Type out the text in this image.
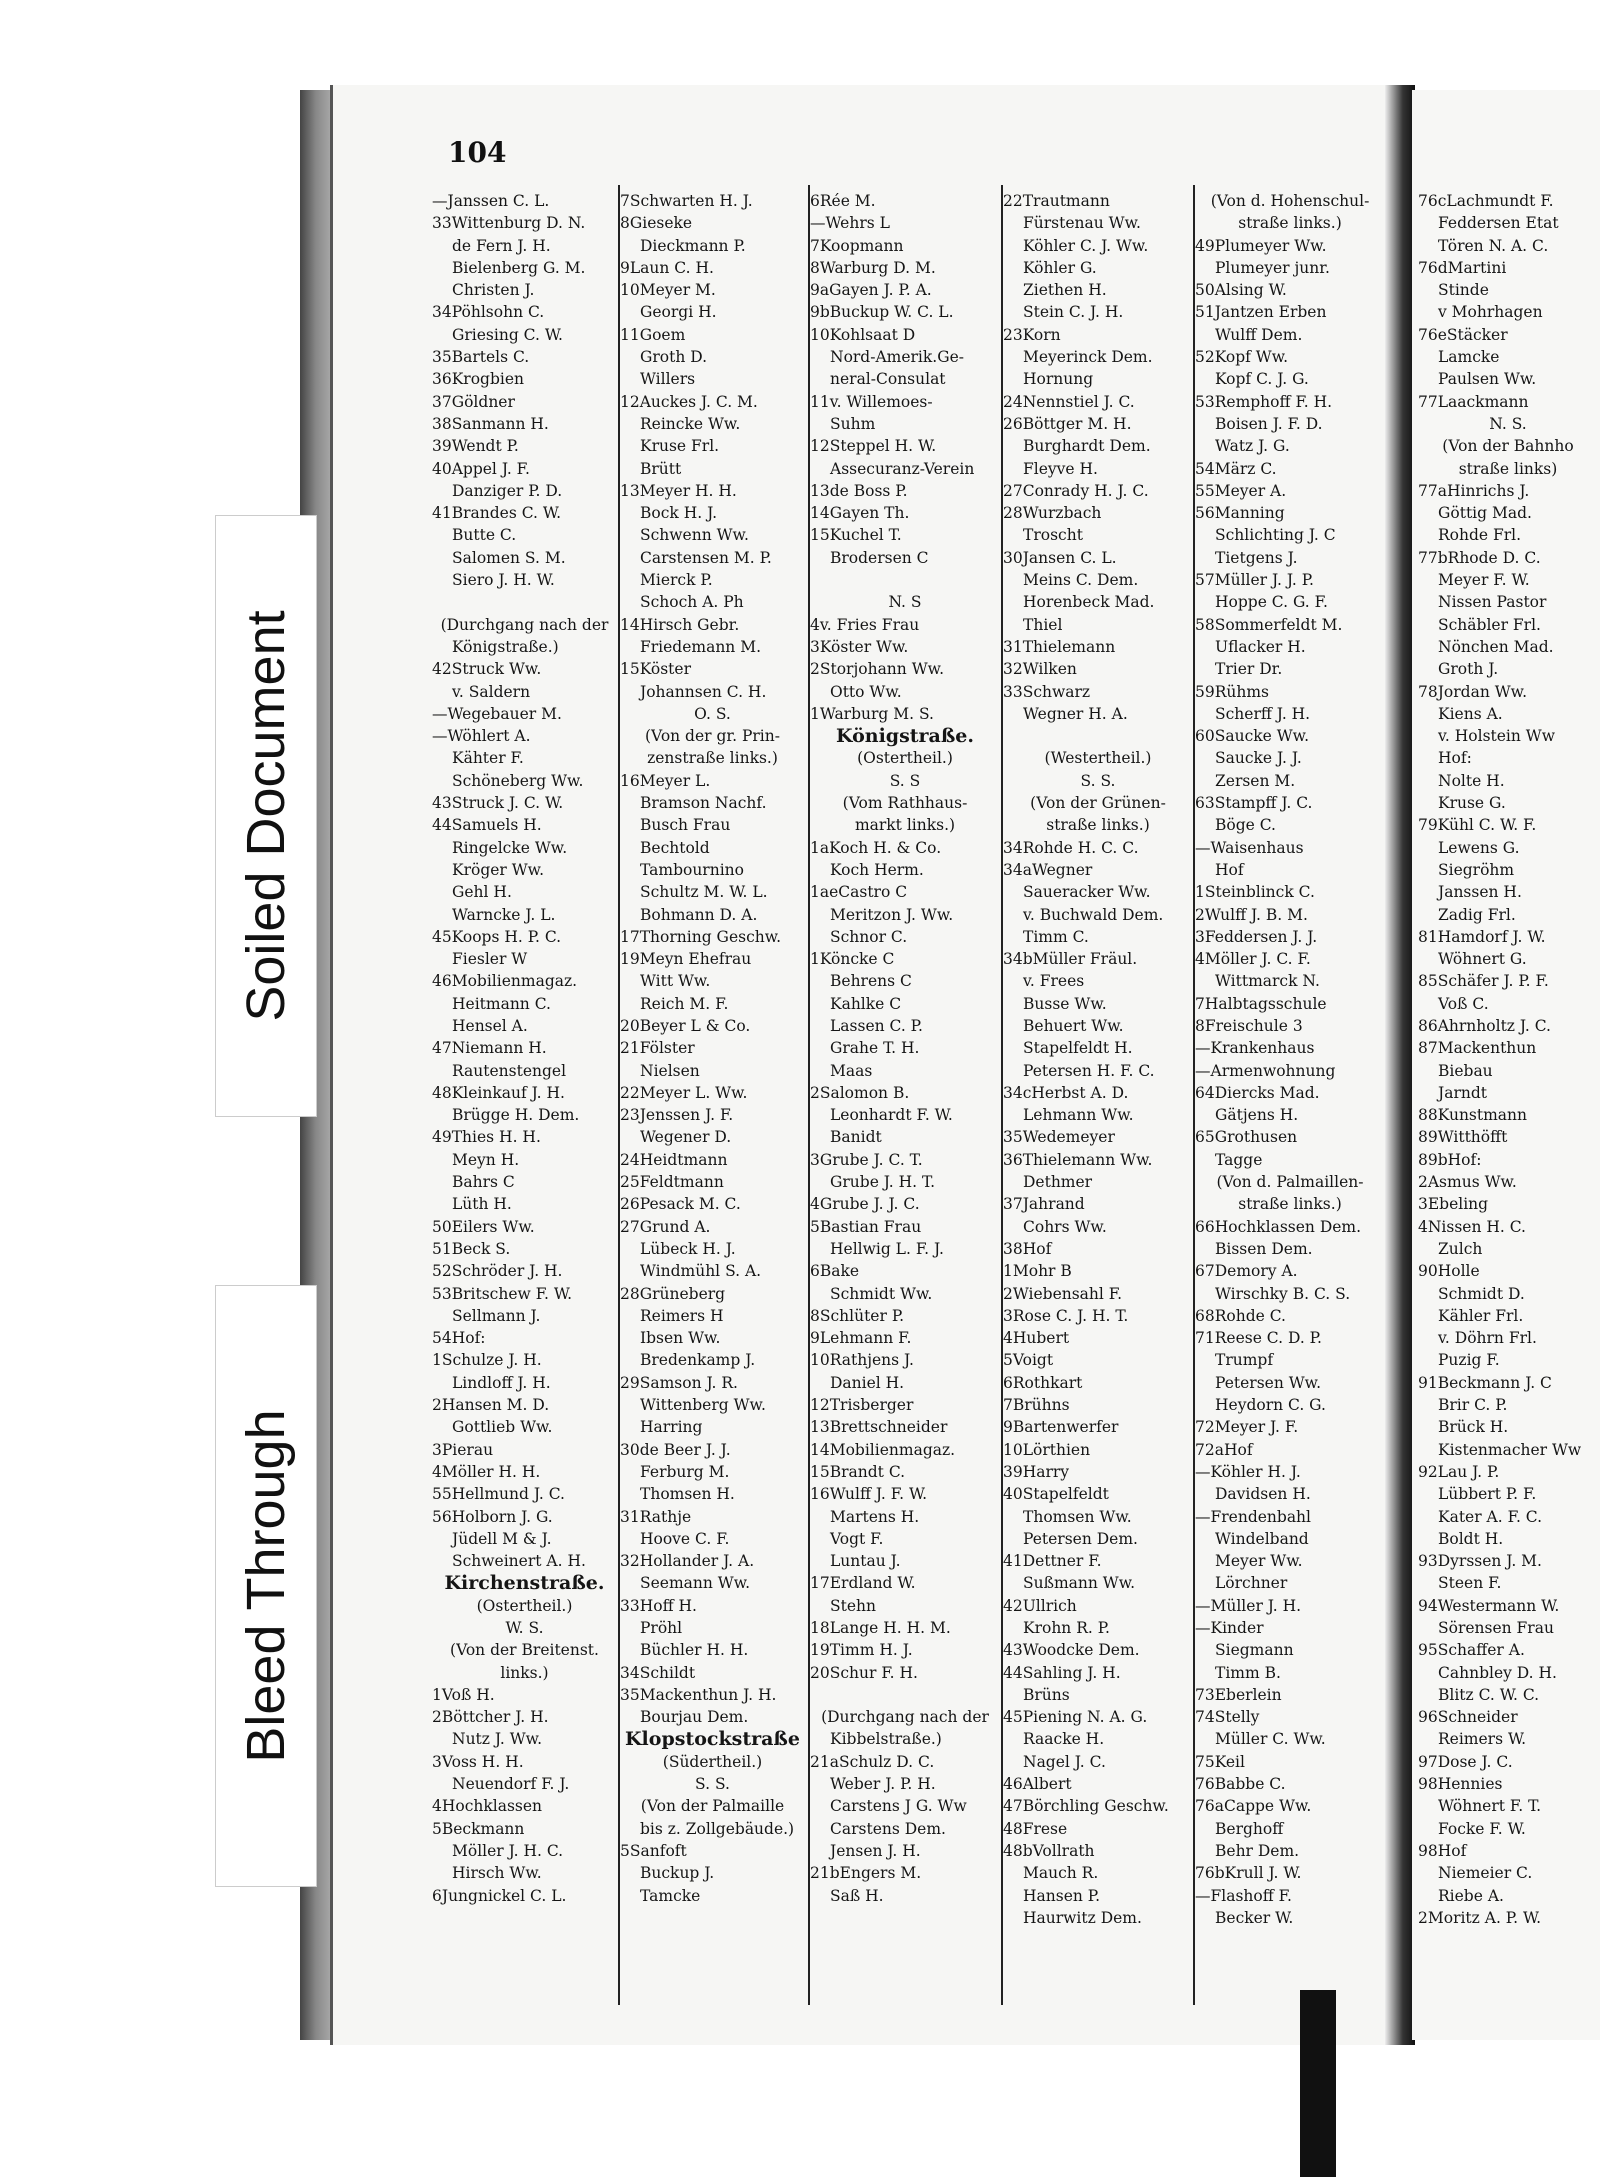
104
Soiled Document
Bleed Through
—Janssen C. L.
33Wittenburg D. N.
de Fern J. H.
Bielenberg G. M.
Christen J.
34Pöhlsohn C.
Griesing C. W.
35Bartels C.
36Krogbien
37Göldner
38Sanmann H.
39Wendt P.
40Appel J. F.
Danziger P. D.
41Brandes C. W.
Butte C.
Salomen S. M.
Siero J. H. W.

(Durchgang nach der
Königstraße.)
42Struck Ww.
v. Saldern
—Wegebauer M.
—Wöhlert A.
Kähter F.
Schöneberg Ww.
43Struck J. C. W.
44Samuels H.
Ringelcke Ww.
Kröger Ww.
Gehl H.
Warncke J. L.
45Koops H. P. C.
Fiesler W
46Mobilienmagaz.
Heitmann C.
Hensel A.
47Niemann H.
Rautenstengel
48Kleinkauf J. H.
Brügge H. Dem.
49Thies H. H.
Meyn H.
Bahrs C
Lüth H.
50Eilers Ww.
51Beck S.
52Schröder J. H.
53Britschew F. W.
Sellmann J.
54Hof:
1Schulze J. H.
Lindloff J. H.
2Hansen M. D.
Gottlieb Ww.
3Pierau
4Möller H. H.
55Hellmund J. C.
56Holborn J. G.
Jüdell M & J.
Schweinert A. H.
Kirchenstraße.
(Ostertheil.)
W. S.
(Von der Breitenst.
links.)
1Voß H.
2Böttcher J. H.
Nutz J. Ww.
3Voss H. H.
Neuendorf F. J.
4Hochklassen
5Beckmann
Möller J. H. C.
Hirsch Ww.
6Jungnickel C. L.
7Schwarten H. J.
8Gieseke
Dieckmann P.
9Laun C. H.
10Meyer M.
Georgi H.
11Goem
Groth D.
Willers
12Auckes J. C. M.
Reincke Ww.
Kruse Frl.
Brütt
13Meyer H. H.
Bock H. J.
Schwenn Ww.
Carstensen M. P.
Mierck P.
Schoch A. Ph
14Hirsch Gebr.
Friedemann M.
15Köster
Johannsen C. H.
O. S.
(Von der gr. Prin-
zenstraße links.)
16Meyer L.
Bramson Nachf.
Busch Frau
Bechtold
Tambournino
Schultz M. W. L.
Bohmann D. A.
17Thorning Geschw.
19Meyn Ehefrau
Witt Ww.
Reich M. F.
20Beyer L & Co.
21Fölster
Nielsen
22Meyer L. Ww.
23Jenssen J. F.
Wegener D.
24Heidtmann
25Feldtmann
26Pesack M. C.
27Grund A.
Lübeck H. J.
Windmühl S. A.
28Grüneberg
Reimers H
Ibsen Ww.
Bredenkamp J.
29Samson J. R.
Wittenberg Ww.
Harring
30de Beer J. J.
Ferburg M.
Thomsen H.
31Rathje
Hoove C. F.
32Hollander J. A.
Seemann Ww.
33Hoff H.
Pröhl
Büchler H. H.
34Schildt
35Mackenthun J. H.
Bourjau Dem.
Klopstockstraße
(Südertheil.)
S. S.
(Von der Palmaille
bis z. Zollgebäude.)
5Sanfoft
Buckup J.
Tamcke
6Rée M.
—Wehrs L
7Koopmann
8Warburg D. M.
9aGayen J. P. A.
9bBuckup W. C. L.
10Kohlsaat D
Nord-Amerik.Ge-
neral-Consulat
11v. Willemoes-
Suhm
12Steppel H. W.
Assecuranz-Verein
13de Boss P.
14Gayen Th.
15Kuchel T.
Brodersen C

N. S
4v. Fries Frau
3Köster Ww.
2Storjohann Ww.
Otto Ww.
1Warburg M. S.
Königstraße.
(Ostertheil.)
S. S
(Vom Rathhaus-
markt links.)
1aKoch H. & Co.
Koch Herm.
1aeCastro C
Meritzon J. Ww.
Schnor C.
1Köncke C
Behrens C
Kahlke C
Lassen C. P.
Grahe T. H.
Maas
2Salomon B.
Leonhardt F. W.
Banidt
3Grube J. C. T.
Grube J. H. T.
4Grube J. J. C.
5Bastian Frau
Hellwig L. F. J.
6Bake
Schmidt Ww.
8Schlüter P.
9Lehmann F.
10Rathjens J.
Daniel H.
12Trisberger
13Brettschneider
14Mobilienmagaz.
15Brandt C.
16Wulff J. F. W.
Martens H.
Vogt F.
Luntau J.
17Erdland W.
Stehn
18Lange H. H. M.
19Timm H. J.
20Schur F. H.

(Durchgang nach der
Kibbelstraße.)
21aSchulz D. C.
Weber J. P. H.
Carstens J G. Ww
Carstens Dem.
Jensen J. H.
21bEngers M.
Saß H.
22Trautmann
Fürstenau Ww.
Köhler C. J. Ww.
Köhler G.
Ziethen H.
Stein C. J. H.
23Korn
Meyerinck Dem.
Hornung
24Nennstiel J. C.
26Böttger M. H.
Burghardt Dem.
Fleyve H.
27Conrady H. J. C.
28Wurzbach
Troscht
30Jansen C. L.
Meins C. Dem.
Horenbeck Mad.
Thiel
31Thielemann
32Wilken
33Schwarz
Wegner H. A.

(Westertheil.)
S. S.
(Von der Grünen-
straße links.)
34Rohde H. C. C.
34aWegner
Saueracker Ww.
v. Buchwald Dem.
Timm C.
34bMüller Fräul.
v. Frees
Busse Ww.
Behuert Ww.
Stapelfeldt H.
Petersen H. F. C.
34cHerbst A. D.
Lehmann Ww.
35Wedemeyer
36Thielemann Ww.
Dethmer
37Jahrand
Cohrs Ww.
38Hof
1Mohr B
2Wiebensahl F.
3Rose C. J. H. T.
4Hubert
5Voigt
6Rothkart
7Brühns
9Bartenwerfer
10Lörthien
39Harry
40Stapelfeldt
Thomsen Ww.
Petersen Dem.
41Dettner F.
Sußmann Ww.
42Ullrich
Krohn R. P.
43Woodcke Dem.
44Sahling J. H.
Brüns
45Piening N. A. G.
Raacke H.
Nagel J. C.
46Albert
47Börchling Geschw.
48Frese
48bVollrath
Mauch R.
Hansen P.
Haurwitz Dem.
(Von d. Hohenschul-
straße links.)
49Plumeyer Ww.
Plumeyer junr.
50Alsing W.
51Jantzen Erben
Wulff Dem.
52Kopf Ww.
Kopf C. J. G.
53Remphoff F. H.
Boisen J. F. D.
Watz J. G.
54März C.
55Meyer A.
56Manning
Schlichting J. C
Tietgens J.
57Müller J. J. P.
Hoppe C. G. F.
58Sommerfeldt M.
Uflacker H.
Trier Dr.
59Rühms
Scherff J. H.
60Saucke Ww.
Saucke J. J.
Zersen M.
63Stampff J. C.
Böge C.
—Waisenhaus
Hof
1Steinblinck C.
2Wulff J. B. M.
3Feddersen J. J.
4Möller J. C. F.
Wittmarck N.
7Halbtagsschule
8Freischule 3
—Krankenhaus
—Armenwohnung
64Diercks Mad.
Gätjens H.
65Grothusen
Tagge
(Von d. Palmaillen-
straße links.)
66Hochklassen Dem.
Bissen Dem.
67Demory A.
Wirschky B. C. S.
68Rohde C.
71Reese C. D. P.
Trumpf
Petersen Ww.
Heydorn C. G.
72Meyer J. F.
72aHof
—Köhler H. J.
Davidsen H.
—Frendenbahl
Windelband
Meyer Ww.
Lörchner
—Müller J. H.
—Kinder
Siegmann
Timm B.
73Eberlein
74Stelly
Müller C. Ww.
75Keil
76Babbe C.
76aCappe Ww.
Berghoff
Behr Dem.
76bKrull J. W.
—Flashoff F.
Becker W.
76cLachmundt F.
Feddersen Etat
Tören N. A. C.
76dMartini
Stinde
v Mohrhagen
76eStäcker
Lamcke
Paulsen Ww.
77Laackmann
N. S.
(Von der Bahnho
straße links)
77aHinrichs J.
Göttig Mad.
Rohde Frl.
77bRhode D. C.
Meyer F. W.
Nissen Pastor
Schäbler Frl.
Nönchen Mad.
Groth J.
78Jordan Ww.
Kiens A.
v. Holstein Ww
Hof:
Nolte H.
Kruse G.
79Kühl C. W. F.
Lewens G.
Siegröhm
Janssen H.
Zadig Frl.
81Hamdorf J. W.
Wöhnert G.
85Schäfer J. P. F.
Voß C.
86Ahrnholtz J. C.
87Mackenthun
Biebau
Jarndt
88Kunstmann
89Witthöfft
89bHof:
2Asmus Ww.
3Ebeling
4Nissen H. C.
Zulch
90Holle
Schmidt D.
Kähler Frl.
v. Döhrn Frl.
Puzig F.
91Beckmann J. C
Brir C. P.
Brück H.
Kistenmacher Ww
92Lau J. P.
Lübbert P. F.
Kater A. F. C.
Boldt H.
93Dyrssen J. M.
Steen F.
94Westermann W.
Sörensen Frau
95Schaffer A.
Cahnbley D. H.
Blitz C. W. C.
96Schneider
Reimers W.
97Dose J. C.
98Hennies
Wöhnert F. T.
Focke F. W.
98Hof
Niemeier C.
Riebe A.
2Moritz A. P. W.
